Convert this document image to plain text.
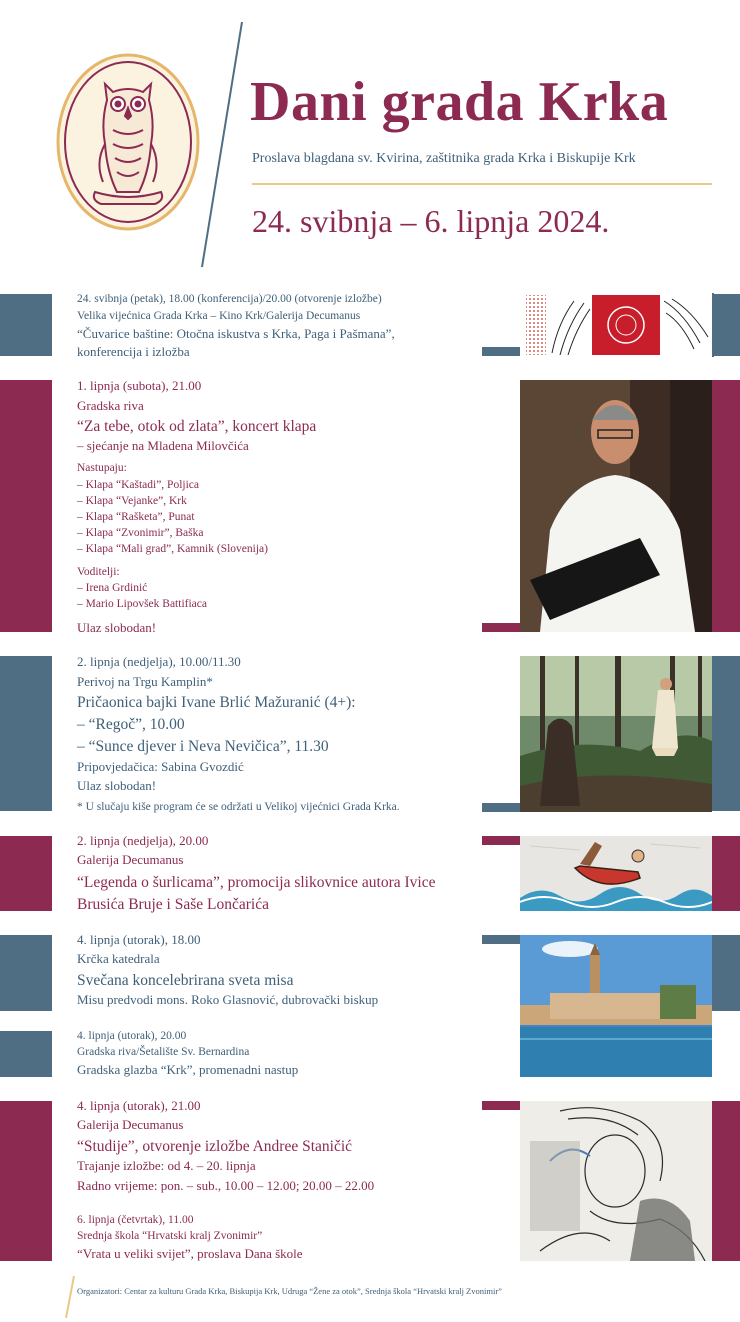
Dani grada Krka
Proslava blagdana sv. Kvirina, zaštitnika grada Krka i Biskupije Krk
24. svibnja – 6. lipnja 2024.
24. svibnja (petak), 18.00 (konferencija)/20.00 (otvorenje izložbe)
Velika vijećnica Grada Krka – Kino Krk/Galerija Decumanus
“Čuvarice baštine: Otočna iskustva s Krka, Paga i Pašmana”,
konferencija i izložba
1. lipnja (subota), 21.00
Gradska riva
“Za tebe, otok od zlata”, koncert klapa
– sjećanje na Mladena Milovčića
Nastupaju:
– Klapa “Kaštadi”, Poljica
– Klapa “Vejanke”, Krk
– Klapa “Rašketa”, Punat
– Klapa “Zvonimir”, Baška
– Klapa “Mali grad”, Kamnik (Slovenija)
Voditelji:
– Irena Grdinić
– Mario Lipovšek Battifiaca
Ulaz slobodan!
2. lipnja (nedjelja), 10.00/11.30
Perivoj na Trgu Kamplin*
Pričaonica bajki Ivane Brlić Mažuranić (4+):
– “Regoč”, 10.00
– “Sunce djever i Neva Nevičica”, 11.30
Pripovjedačica: Sabina Gvozdić
Ulaz slobodan!
* U slučaju kiše program će se održati u Velikoj vijećnici Grada Krka.
2. lipnja (nedjelja), 20.00
Galerija Decumanus
“Legenda o šurlicama”, promocija slikovnice autora Ivice
Brusića Bruje i Saše Lončarića
4. lipnja (utorak), 18.00
Krčka katedrala
Svečana koncelebrirana sveta misa
Misu predvodi mons. Roko Glasnović, dubrovački biskup
4. lipnja (utorak), 20.00
Gradska riva/Šetalište Sv. Bernardina
Gradska glazba “Krk”, promenadni nastup
4. lipnja (utorak), 21.00
Galerija Decumanus
“Studije”, otvorenje izložbe Andree Staničić
Trajanje izložbe: od 4. – 20. lipnja
Radno vrijeme: pon. – sub., 10.00 – 12.00; 20.00 – 22.00
6. lipnja (četvrtak), 11.00
Srednja škola “Hrvatski kralj Zvonimir”
“Vrata u veliki svijet”, proslava Dana škole
Organizatori: Centar za kulturu Grada Krka, Biskupija Krk, Udruga “Žene za otok”, Srednja škola “Hrvatski kralj Zvonimir”
